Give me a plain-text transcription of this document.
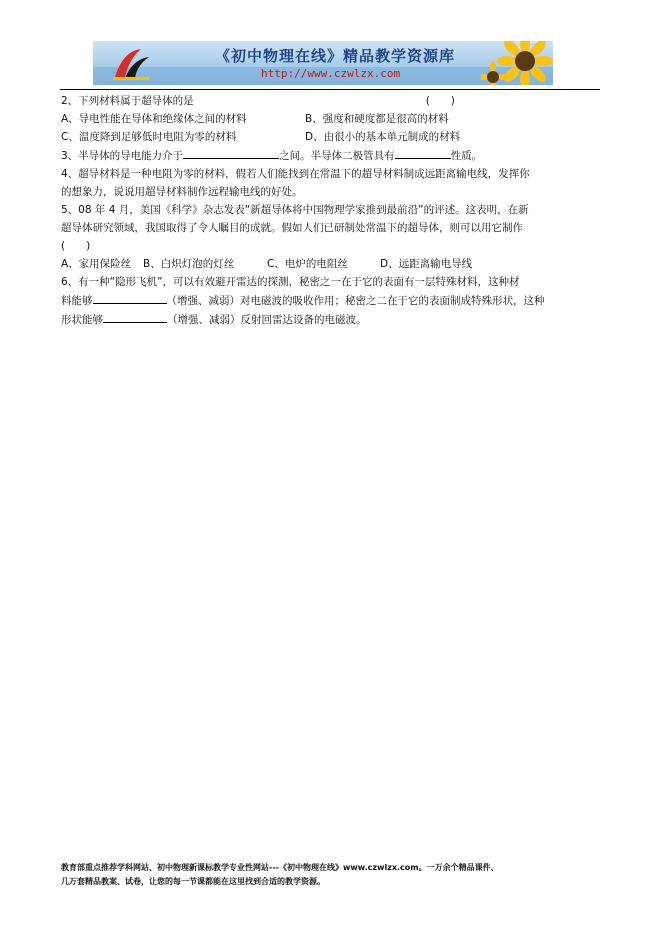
《初中物理在线》精品教学资源库
http://www.czwlzx.com
2、下列材料属于超导体的是	(　　)
A、导电性能在导体和绝缘体之间的材料	B、强度和硬度都是很高的材料
C、温度降到足够低时电阻为零的材料	D、由很小的基本单元制成的材料
3、半导体的导电能力介于	之间。半导体二极管具有	性质。
4、超导材料是一种电阻为零的材料，假若人们能找到在常温下的超导材料制成远距离输电线，发挥你
的想象力，说说用超导材料制作远程输电线的好处。
5、08 年 4 月，美国《科学》杂志发表“新超导体将中国物理学家推到最前沿”的评述。这表明，在新
超导体研究领域，我国取得了令人瞩目的成就。假如人们已研制处常温下的超导体，则可以用它制作
(　　)
A、家用保险丝 B、白炽灯泡的灯丝	C、电炉的电阻丝	D、远距离输电导线
6、有一种“隐形飞机”，可以有效避开雷达的探测，秘密之一在于它的表面有一层特殊材料，这种材
料能够	（增强、减弱）对电磁波的吸收作用；秘密之二在于它的表面制成特殊形状，这种
形状能够	（增强、减弱）反射回雷达设备的电磁波。
教育部重点推荐学科网站、初中物理新课标教学专业性网站---《初中物理在线》www.czwlzx.com。一万余个精品课件、
几万套精品教案、试卷，让您的每一节课都能在这里找到合适的教学资源。
